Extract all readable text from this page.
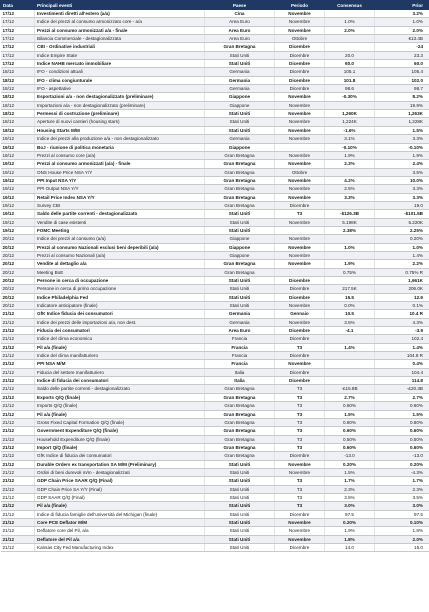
Data	Principali eventi	Paese	Periodo	Consensus	Prior
17/12	Investimenti diretti all'estero (a/a)	Cina	Novembre		3.2%
17/12	Indice dei prezzi al consumo armonizzato core - a/a	Area Euro	Novembre	1.0%	1.0%
17/12	Prezzi al consumo armonizzati a/a - finale	Area Euro	Novembre	2.0%	2.0%
17/12	Bilancia Commerciale - destagionalizzata	Area Euro	Ottobre		€13.4B
17/12	CBI - Ordinative industriali	Gran Bretagna	Dicembre		-24
17/12	Indice Empire State	Stati Uniti	Dicembre	20.0	23.3
17/12	Indice NAHB mercato immobiliare	Stati Uniti	Dicembre	60.0	60.0
18/12	IFO - condizioni attuali	Germania	Dicembre	105.1	105.4
18/12	IFO - clima congiunturale	Germania	Dicembre	101.8	102.0
18/12	IFO - aspettative	Germania	Dicembre	98.6	98.7
18/12	Esportazioni a/a - non destagionalizzato (preliminare)	Giappone	Novembre	-0.30%	8.2%
18/12	Importazioni a/a - non destagionalizzato (preliminare)	Giappone	Novembre		19.9%
18/12	Permessi di costruzione (preliminare)	Stati Uniti	Novembre	1,260K	1,263K
18/12	Aperture di nuovi cantieri (housing stars)	Stati Uniti	Novembre	1,224K	1,228K
18/12	Housing Starts M/M	Stati Uniti	Novembre	-1.6%	1.5%
19/12	Indice dei prezzi alla produzione a/a - non destagionalizzato	Germania	Novembre	3.1%	3.3%
19/12	BoJ - riunione di politica monetaria	Giappone		-0.10%	-0.10%
19/12	Prezzi al consumo core (a/a)	Gran Bretagna	Novembre	1.9%	1.9%
19/12	Prezzi al consumo armonizzati (a/a) - finale	Gran Bretagna	Novembre	2.3%	2.4%
19/12	ONS House Price NSA Y/Y	Gran Bretagna	Ottobre		3.5%
19/12	PPI Input NSA Y/Y	Gran Bretagna	Novembre	4.2%	10.0%
19/12	PPI Output NSA Y/Y	Gran Bretagna	Novembre	2.5%	3.3%
19/12	Retail Price Index NSA Y/Y	Gran Bretagna	Novembre	3.3%	3.3%
19/12	Survey CBI	Gran Bretagna	Dicembre		19.0
19/12	Saldo delle partite correnti - destagionalizzato	Stati Uniti	T3	-$126.3B	-$101.5B
19/12	Vendite di case esistenti	Stati Uniti	Novembre	5.198K	5.220K
19/12	FOMC Meeting	Stati Uniti		2.38%	2.25%
20/12	Indice dei prezzi al consumo (a/a)	Giappone	Novembre		0.20%
20/12	Prezzi al consumo Nazionali esclusi beni deperibili (a/a)	Giappone	Novembre	1.0%	1.0%
20/12	Prezzi al consumo Nazionali (a/a)	Giappone	Novembre		1.4%
20/12	Vendite al dettaglio a/a	Gran Bretagna	Novembre	1.9%	2.2%
20/12	Meeting BoE	Gran Bretagna		0.75%	0.75% R
20/12	Persone in cerca di occupazione	Stati Uniti	Dicembre		1,661K
20/12	Persone in cerca di primo occupazione	Stati Uniti	Dicembre	217.5K	206.0K
20/12	Indice Philadelphia Fed	Stati Uniti	Dicembre	15.5	12.9
20/12	Indicatore anticipatore (finale)	Stati Uniti	Novembre	0.0%	0.1%
21/12	GfK Indice fiducia dei consumatori	Germania	Gennaio	10.5	10.4 R
21/12	Indice dei prezzi delle importazioni a/a, non dest.	Germania	Novembre	3.5%	4.3%
21/12	Fiducia dei consumatori	Area Euro	Dicembre	-4.1	-3.9
21/12	Indice del clima economico	Francia	Dicembre		102.4
21/12	Pil a/a (finale)	Francia	T3	1.4%	1.4%
21/12	Indice del clima manifatturiero	Francia	Dicembre		104.8 R
21/12	PPI NSA M/M	Francia	Novembre		0.4%
21/12	Fiducia del settore manifatturiero	Italia	Dicembre		104.4
21/12	Indice di fiducia dei consumatori	Italia	Dicembre		114.8
21/12	Saldo delle partite correnti - destagionalizzato	Gran Bretagna	T3	-£15.8B	-£20.3B
21/12	Exports Q/Q (finale)	Gran Bretagna	T3	2.7%	2.7%
21/12	Imports Q/Q (finale)	Gran Bretagna	T3	0.60%	0.60%
21/12	Pil a/a (finale)	Gran Bretagna	T3	1.5%	1.5%
21/12	Gross Fixed Capital Formation Q/Q (finale)	Gran Bretagna	T3	0.80%	0.80%
21/12	Government Expenditure Q/Q (finale)	Gran Bretagna	T3	0.60%	0.60%
21/12	Household Expenditure Q/Q (finale)	Gran Bretagna	T3	0.50%	0.50%
21/12	Import Q/Q (finale)	Gran Bretagna	T3	0.60%	0.60%
21/12	GfK Indice di fiducia dei consumatori	Gran Bretagna	Dicembre	-13.0	-13.0
21/12	Durable Orders ex transportation SA M/M (Preliminary)	Stati Uniti	Novembre	0.20%	0.20%
21/12	Ordini di beni durevoli m/m - destagionalizzati	Stati Uniti	Novembre	1.5%	-4.3%
21/12	GDP Chain Price SAAR Q/Q (Final)	Stati Uniti	T3	1.7%	1.7%
21/12	GDP Chain Price SA Y/Y (Final)	Stati Uniti	T3	2.3%	2.3%
21/12	GDP SAAR Q/Q (Final)	Stati Uniti	T3	3.5%	3.5%
21/12	Pil a/a (finale)	Stati Uniti	T3	3.0%	3.0%
21/12	Indice di fiducia famiglie dell'università del Michigan (finale)	Stati Uniti	Dicembre	97.5	97.5
21/12	Core PCE Deflator M/M	Stati Uniti	Novembre	0.20%	0.10%
21/12	Deflatore core del Pil, a/a	Stati Uniti	Novembre	1.9%	1.8%
21/12	Deflatore del Pil a/a	Stati Uniti	Novembre	1.8%	2.0%
21/12	Kansas City Fed Manufacturing Index	Stati Uniti	Dicembre	14.0	15.0
